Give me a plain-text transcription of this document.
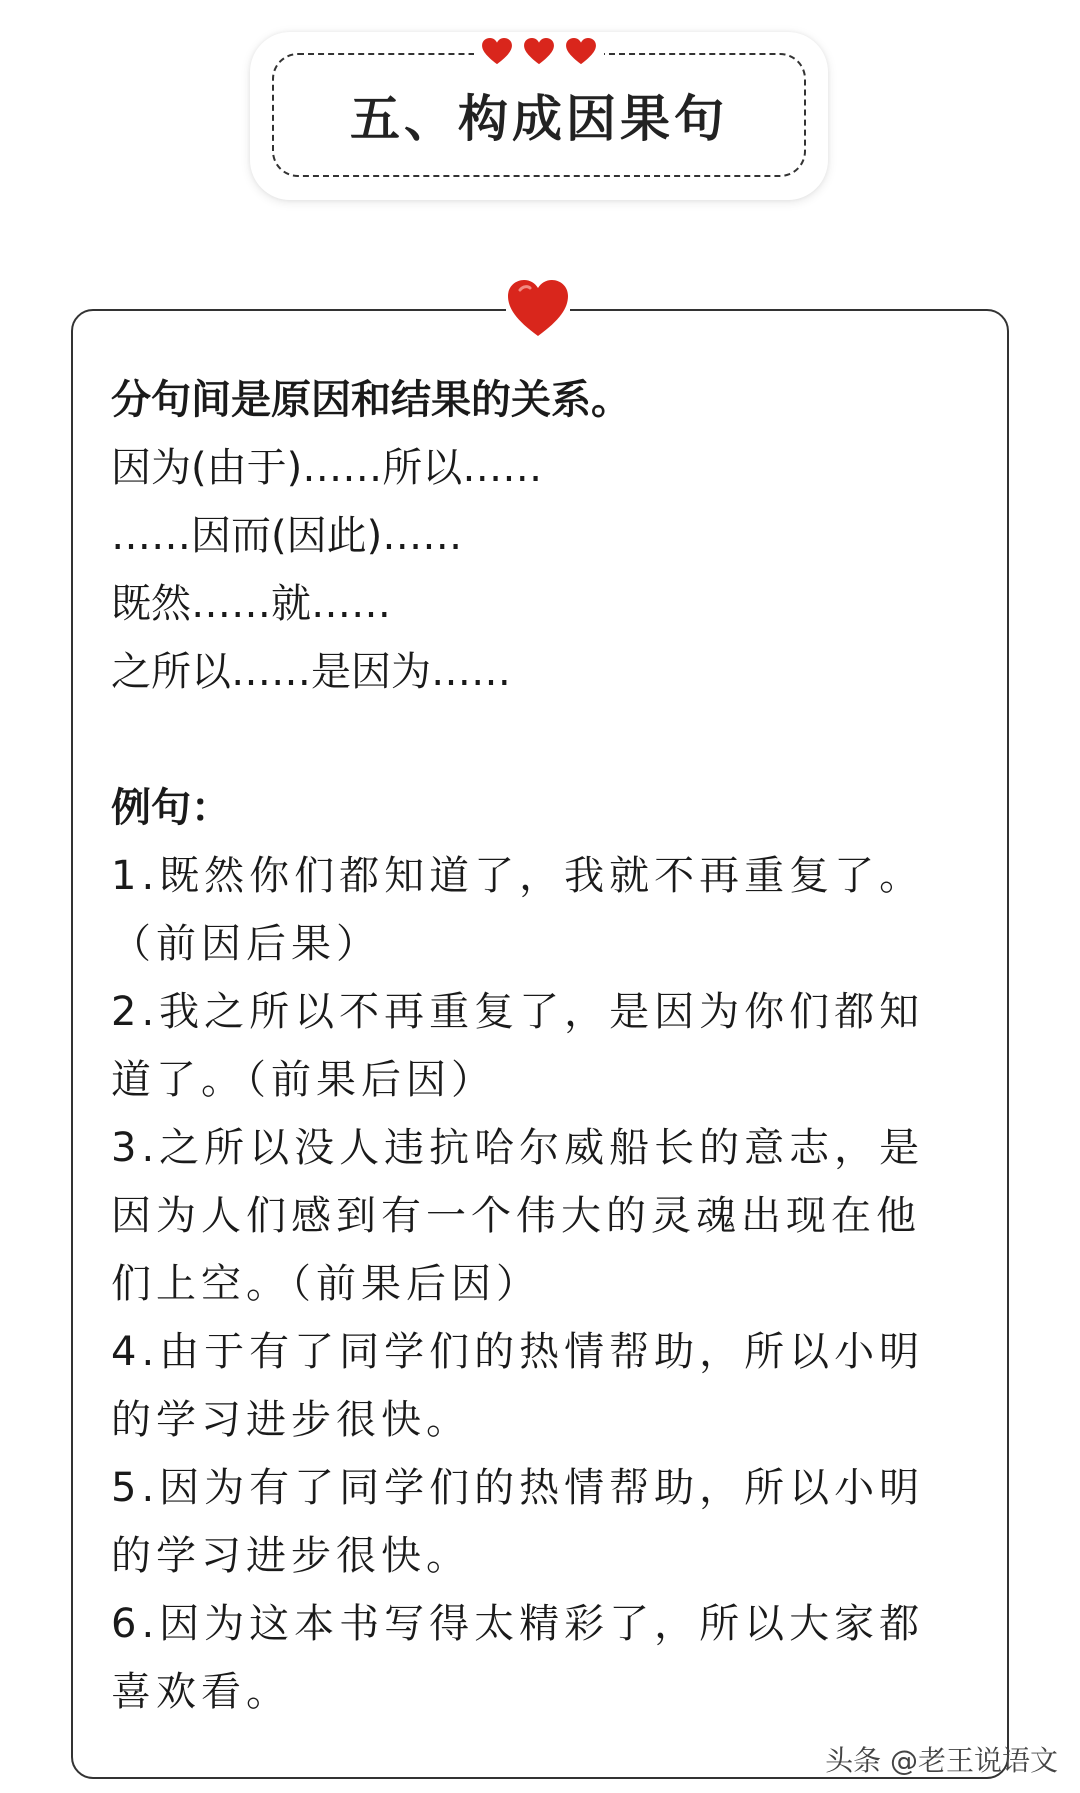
五、构成因果句
分句间是原因和结果的关系。
因为(由于)……所以……
……因而(因此)……
既然……就……
之所以……是因为……
例句：
1.既然你们都知道了，我就不再重复了。
（前因后果）
2.我之所以不再重复了，是因为你们都知
道了。（前果后因）
3.之所以没人违抗哈尔威船长的意志，是
因为人们感到有一个伟大的灵魂出现在他
们上空。（前果后因）
4.由于有了同学们的热情帮助，所以小明
的学习进步很快。
5.因为有了同学们的热情帮助，所以小明
的学习进步很快。
6.因为这本书写得太精彩了，所以大家都
喜欢看。
头条 @老王说语文
